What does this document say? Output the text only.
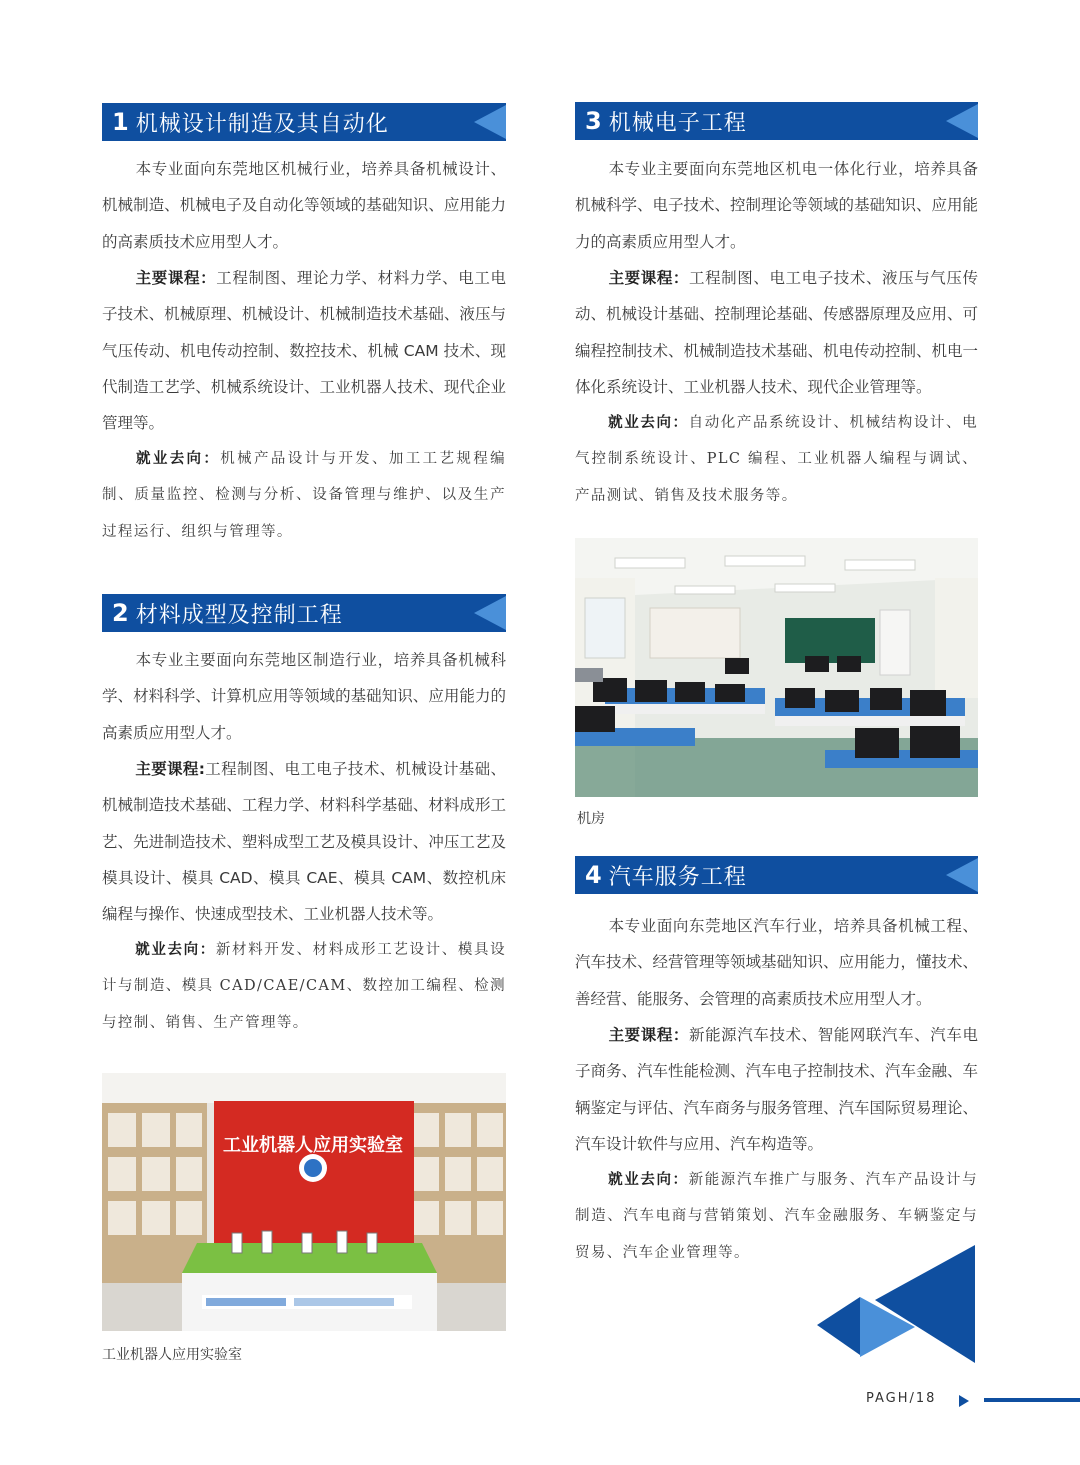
1 机械设计制造及其自动化
本专业面向东莞地区机械行业，培养具备机械设计、机械制造、机械电子及自动化等领域的基础知识、应用能力的高素质技术应用型人才。
主要课程：工程制图、理论力学、材料力学、电工电子技术、机械原理、机械设计、机械制造技术基础、液压与气压传动、机电传动控制、数控技术、机械 CAM 技术、现代制造工艺学、机械系统设计、工业机器人技术、现代企业管理等。
就业去向：机械产品设计与开发、加工工艺规程编制、质量监控、检测与分析、设备管理与维护、以及生产过程运行、组织与管理等。
2 材料成型及控制工程
本专业主要面向东莞地区制造行业，培养具备机械科学、材料科学、计算机应用等领域的基础知识、应用能力的高素质应用型人才。
主要课程:工程制图、电工电子技术、机械设计基础、机械制造技术基础、工程力学、材料科学基础、材料成形工艺、先进制造技术、塑料成型工艺及模具设计、冲压工艺及模具设计、模具 CAD、模具 CAE、模具 CAM、数控机床编程与操作、快速成型技术、工业机器人技术等。
就业去向：新材料开发、材料成形工艺设计、模具设计与制造、模具 CAD/CAE/CAM、数控加工编程、检测与控制、销售、生产管理等。
工业机器人应用实验室
工业机器人应用实验室
3 机械电子工程
本专业主要面向东莞地区机电一体化行业，培养具备机械科学、电子技术、控制理论等领域的基础知识、应用能力的高素质应用型人才。
主要课程：工程制图、电工电子技术、液压与气压传动、机械设计基础、控制理论基础、传感器原理及应用、可编程控制技术、机械制造技术基础、机电传动控制、机电一体化系统设计、工业机器人技术、现代企业管理等。
就业去向：自动化产品系统设计、机械结构设计、电气控制系统设计、PLC 编程、工业机器人编程与调试、产品测试、销售及技术服务等。
机房
4 汽车服务工程
本专业面向东莞地区汽车行业，培养具备机械工程、汽车技术、经营管理等领域基础知识、应用能力，懂技术、善经营、能服务、会管理的高素质技术应用型人才。
主要课程：新能源汽车技术、智能网联汽车、汽车电子商务、汽车性能检测、汽车电子控制技术、汽车金融、车辆鉴定与评估、汽车商务与服务管理、汽车国际贸易理论、汽车设计软件与应用、汽车构造等。
就业去向：新能源汽车推广与服务、汽车产品设计与制造、汽车电商与营销策划、汽车金融服务、车辆鉴定与贸易、汽车企业管理等。
PAGH/18
